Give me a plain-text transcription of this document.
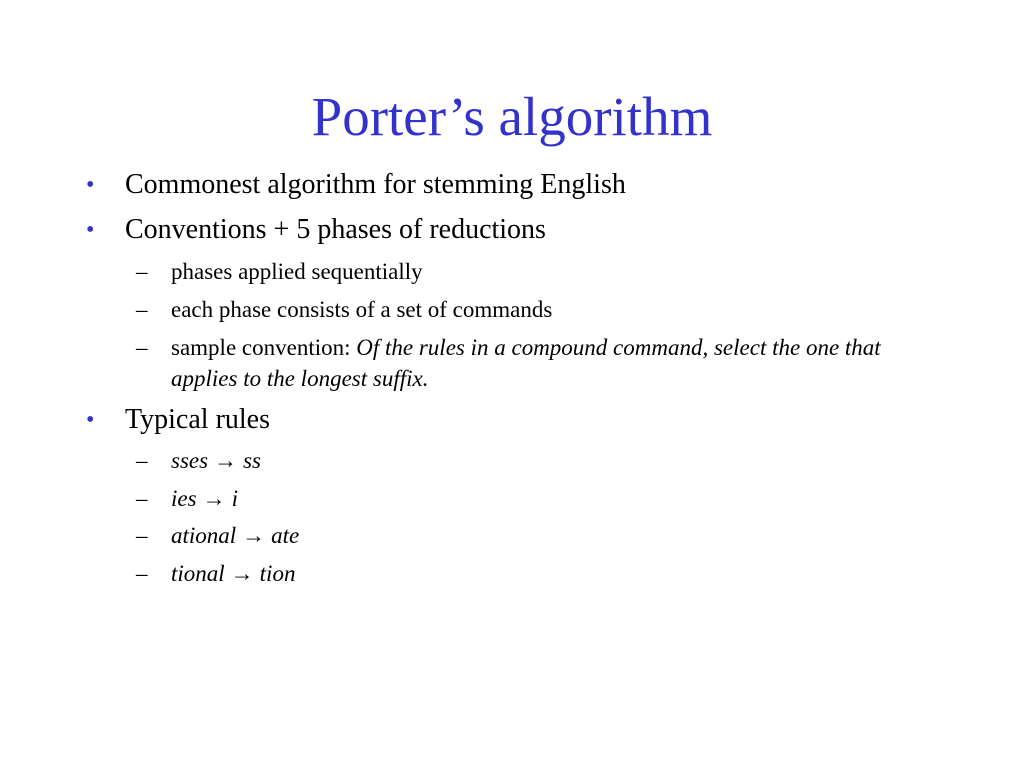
Porter’s algorithm
• Commonest algorithm for stemming English
• Conventions + 5 phases of reductions
– phases applied sequentially
– each phase consists of a set of commands
– sample convention: Of the rules in a compound command, select the one that applies to the longest suffix.
• Typical rules
– sses → ss
– ies → i
– ational → ate
– tional → tion
